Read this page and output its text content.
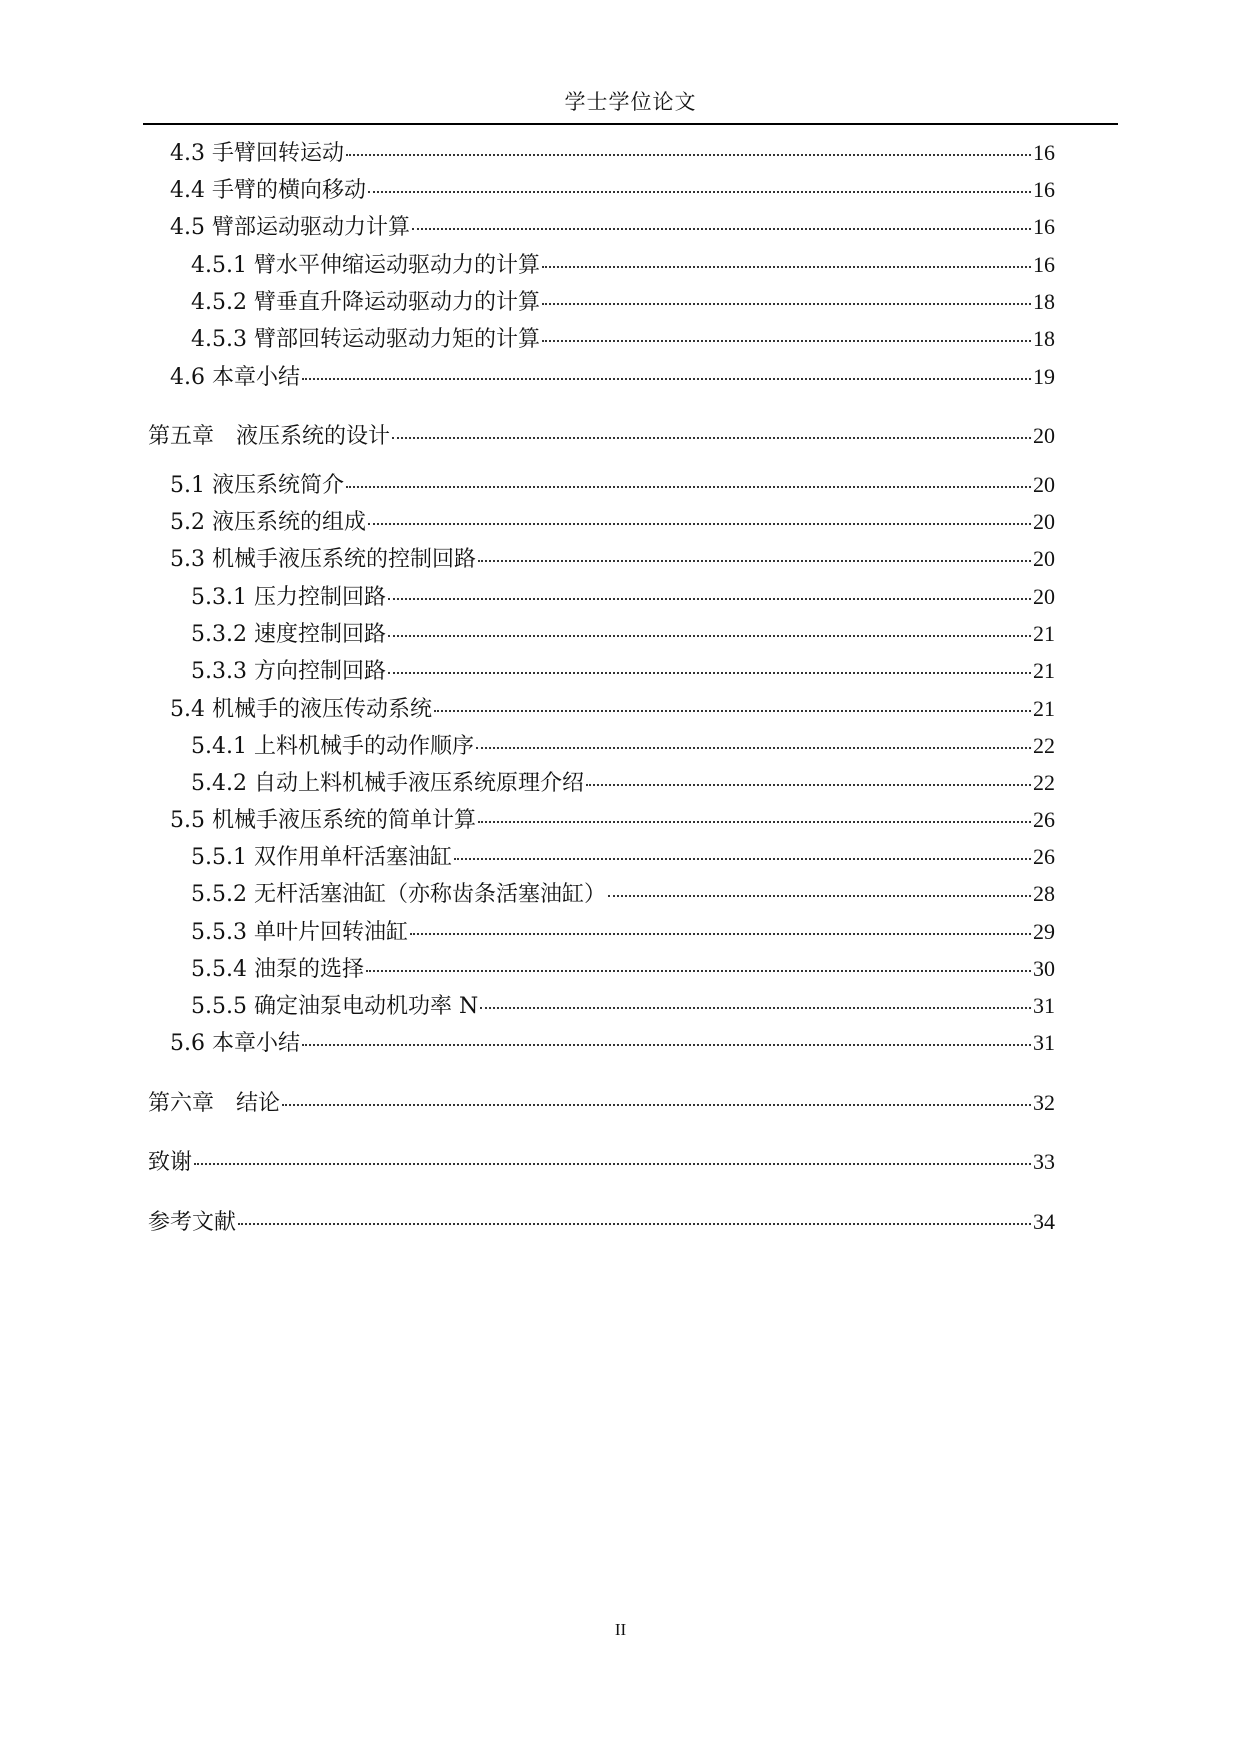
学士学位论文
4.3 手臂回转运动	16
4.4 手臂的横向移动	16
4.5 臂部运动驱动力计算	16
4.5.1 臂水平伸缩运动驱动力的计算	16
4.5.2 臂垂直升降运动驱动力的计算	18
4.5.3 臂部回转运动驱动力矩的计算	18
4.6 本章小结	19
第五章　液压系统的设计	20
5.1 液压系统简介	20
5.2 液压系统的组成	20
5.3 机械手液压系统的控制回路	20
5.3.1 压力控制回路	20
5.3.2 速度控制回路	21
5.3.3 方向控制回路	21
5.4 机械手的液压传动系统	21
5.4.1 上料机械手的动作顺序	22
5.4.2 自动上料机械手液压系统原理介绍	22
5.5 机械手液压系统的简单计算	26
5.5.1 双作用单杆活塞油缸	26
5.5.2 无杆活塞油缸（亦称齿条活塞油缸）	28
5.5.3 单叶片回转油缸	29
5.5.4 油泵的选择	30
5.5.5 确定油泵电动机功率 N	31
5.6 本章小结	31
第六章　结论	32
致谢	33
参考文献	34
II
